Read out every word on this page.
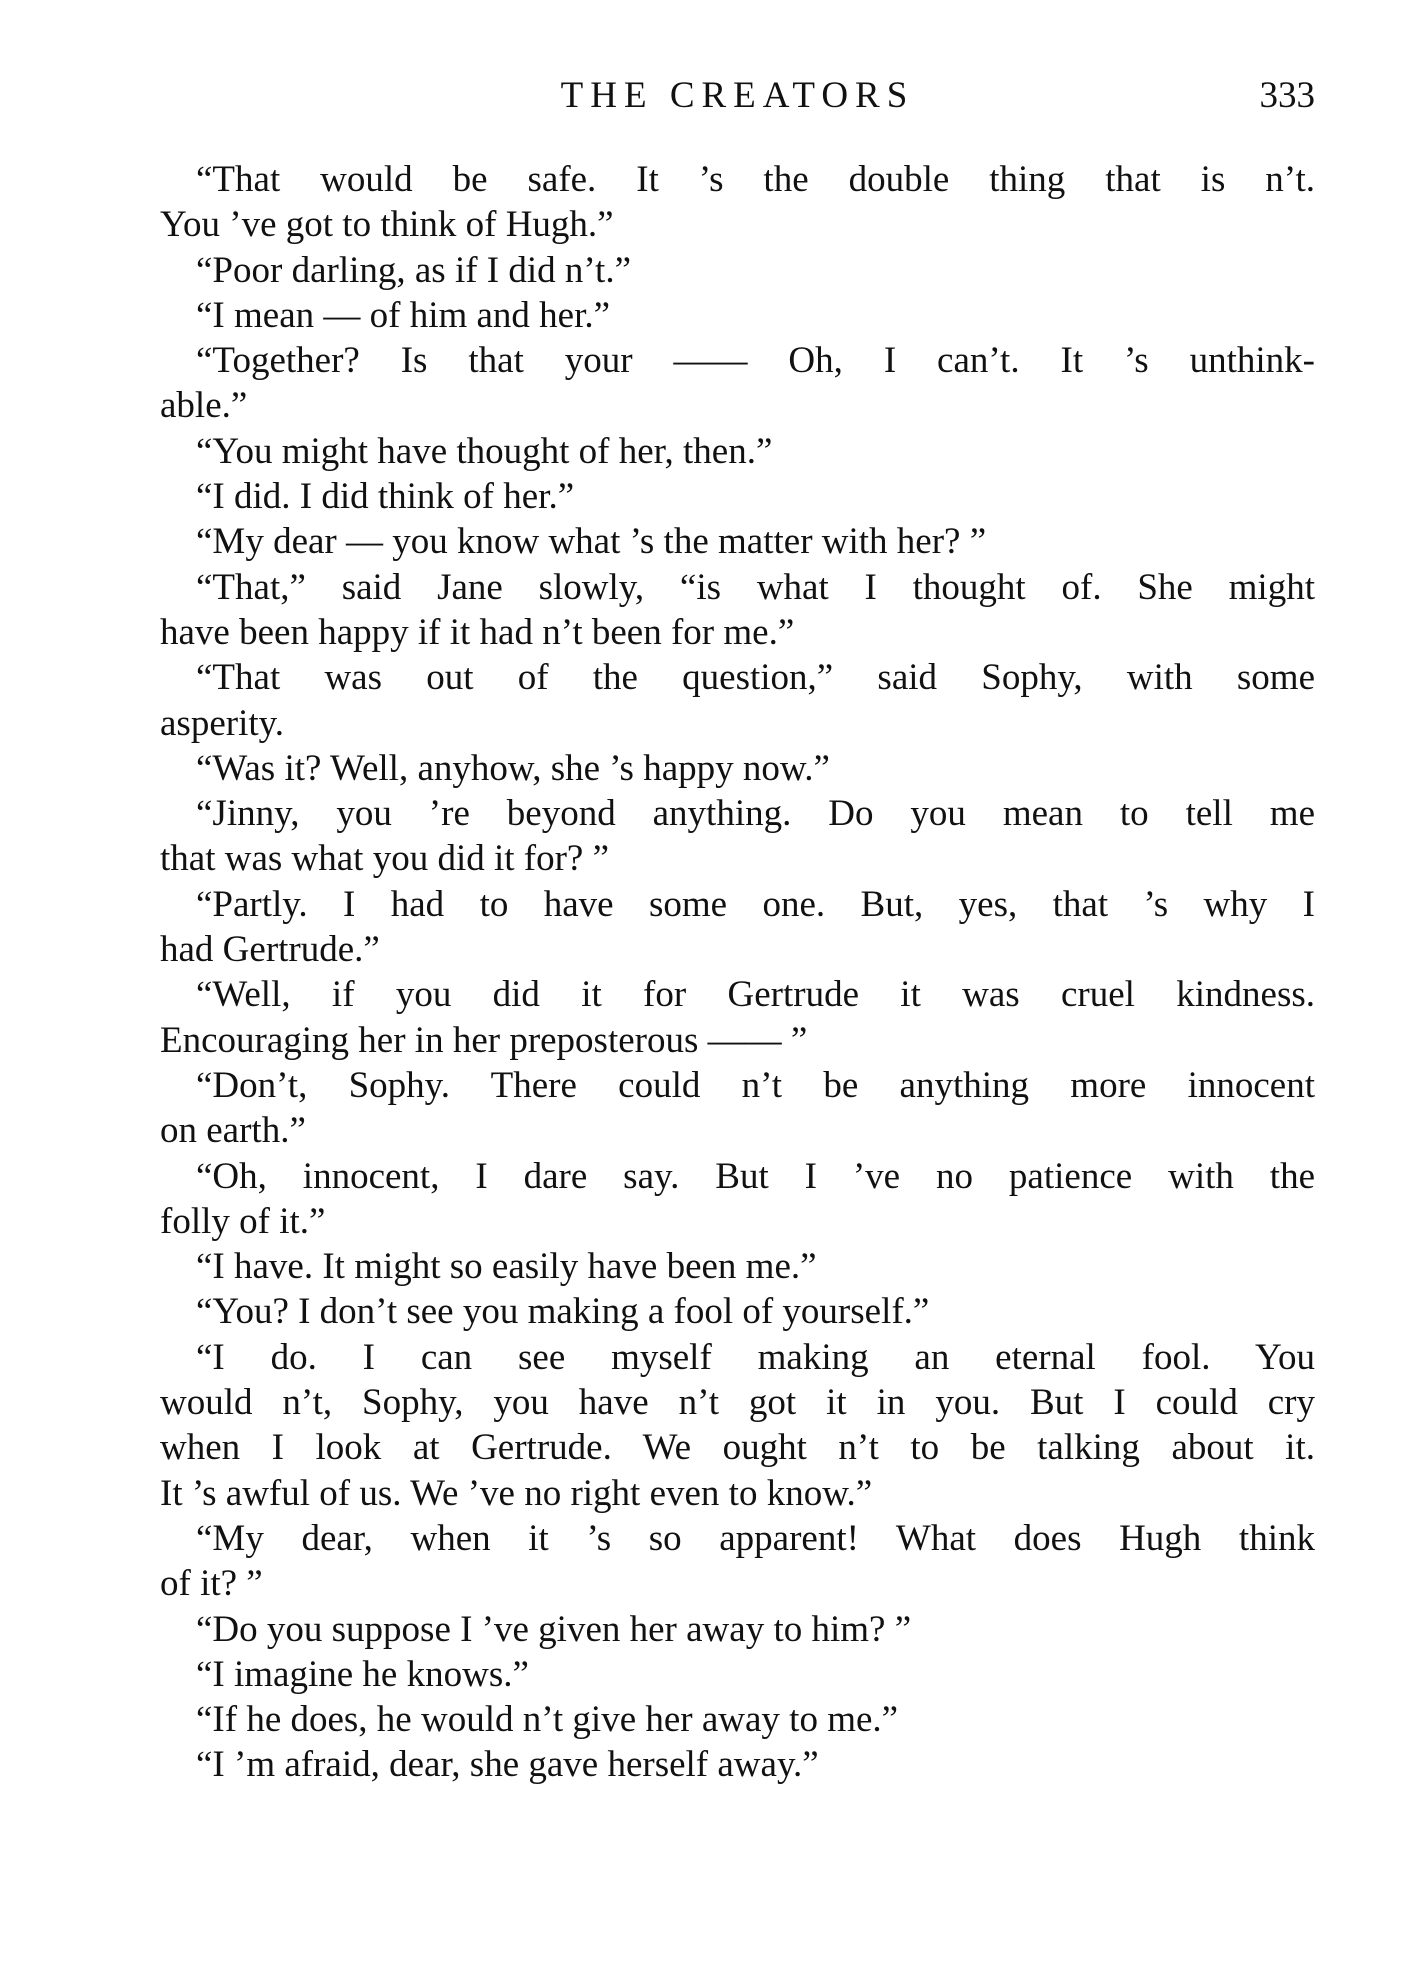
THE CREATORS	333
“That would be safe. It ’s the double thing that is n’t.
You ’ve got to think of Hugh.”
“Poor darling, as if I did n’t.”
“I mean — of him and her.”
“Together? Is that your —— Oh, I can’t. It ’s unthink-
able.”
“You might have thought of her, then.”
“I did. I did think of her.”
“My dear — you know what ’s the matter with her? ”
“That,” said Jane slowly, “is what I thought of. She might
have been happy if it had n’t been for me.”
“That was out of the question,” said Sophy, with some
asperity.
“Was it? Well, anyhow, she ’s happy now.”
“Jinny, you ’re beyond anything. Do you mean to tell me
that was what you did it for? ”
“Partly. I had to have some one. But, yes, that ’s why I
had Gertrude.”
“Well, if you did it for Gertrude it was cruel kindness.
Encouraging her in her preposterous —— ”
“Don’t, Sophy. There could n’t be anything more innocent
on earth.”
“Oh, innocent, I dare say. But I ’ve no patience with the
folly of it.”
“I have. It might so easily have been me.”
“You? I don’t see you making a fool of yourself.”
“I do. I can see myself making an eternal fool. You
would n’t, Sophy, you have n’t got it in you. But I could cry
when I look at Gertrude. We ought n’t to be talking about it.
It ’s awful of us. We ’ve no right even to know.”
“My dear, when it ’s so apparent! What does Hugh think
of it? ”
“Do you suppose I ’ve given her away to him? ”
“I imagine he knows.”
“If he does, he would n’t give her away to me.”
“I ’m afraid, dear, she gave herself away.”
